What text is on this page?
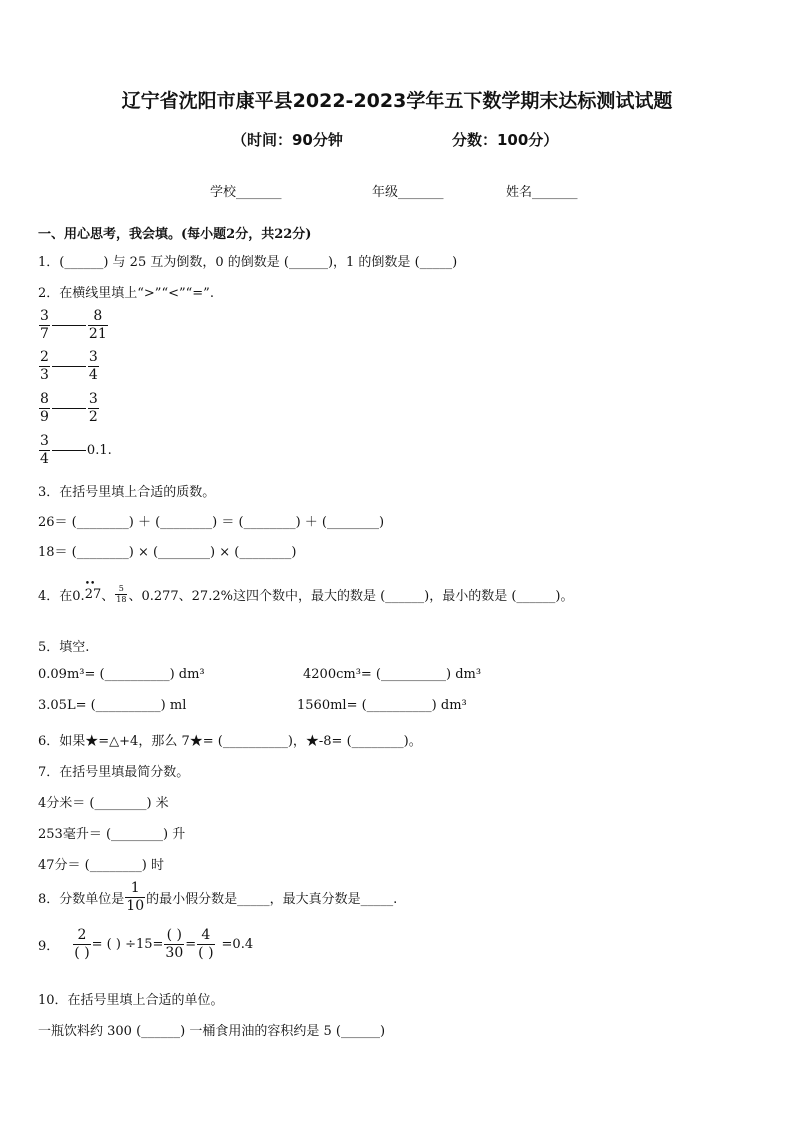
辽宁省沈阳市康平县2022-2023学年五下数学期末达标测试试题
（时间：90分钟	分数：100分）
学校_______	年级_______	姓名_______
一、用心思考，我会填。(每小题2分，共22分)
1．(______) 与 25 互为倒数，0 的倒数是 (______)，1 的倒数是 (_____)
2．在横线里填上“>”“<”“=”.
$\frac{3}{7}$	$\frac{8}{21}$
$\frac{2}{3}$	$\frac{3}{4}$
$\frac{8}{9}$	$\frac{3}{2}$
$\frac{3}{4}$	0.1.
3．在括号里填上合适的质数。
26＝ (________) ＋ (________) ＝ (________) ＋ (________)
18＝ (________) × (________) × (________)
4．在0.
•• 27 、 $\frac{5}{18}$ 、0.277、27.2%这四个数中，最大的数是 (______)，最小的数是 (______)。
5．填空.
0.09m³= (__________) dm³	4200cm³= (__________) dm³
3.05L= (__________) ml	1560ml= (__________) dm³
6．如果★=△+4，那么 7★= (__________)，★-8= (________)。
7．在括号里填最简分数。
4分米＝ (________) 米
253毫升＝ (________) 升
47分＝ (________) 时
8．分数单位是 $\frac{1}{10}$ 的最小假分数是_____，最大真分数是_____.
9． $\frac{2}{( )}$ = ( ) $\div 15= \frac{( )}{30} = \frac{4}{( )} =0.4$
10．在括号里填上合适的单位。
一瓶饮料约 300 (______) 一桶食用油的容积约是 5 (______)
